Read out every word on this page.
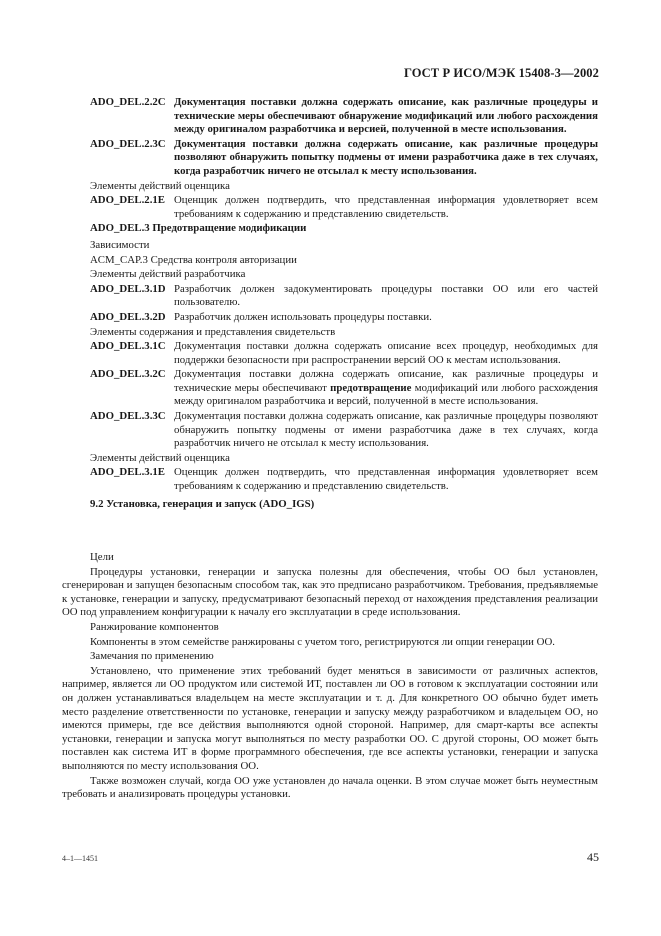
ГОСТ Р ИСО/МЭК 15408-3—2002
ADO_DEL.2.2C Документация поставки должна содержать описание, как различные процедуры и технические меры обеспечивают обнаружение модификаций или любого расхождения между оригиналом разработчика и версией, полученной в месте использования.
ADO_DEL.2.3C Документация поставки должна содержать описание, как различные процедуры позволяют обнаружить попытку подмены от имени разработчика даже в тех случаях, когда разработчик ничего не отсылал к месту использования.
Элементы действий оценщика
ADO_DEL.2.1E Оценщик должен подтвердить, что представленная информация удовлетворяет всем требованиям к содержанию и представлению свидетельств.
ADO_DEL.3 Предотвращение модификации
Зависимости
ACM_CAP.3 Средства контроля авторизации
Элементы действий разработчика
ADO_DEL.3.1D Разработчик должен задокументировать процедуры поставки ОО или его частей пользователю.
ADO_DEL.3.2D Разработчик должен использовать процедуры поставки.
Элементы содержания и представления свидетельств
ADO_DEL.3.1C Документация поставки должна содержать описание всех процедур, необходимых для поддержки безопасности при распространении версий ОО к местам использования.
ADO_DEL.3.2C Документация поставки должна содержать описание, как различные процедуры и технические меры обеспечивают предотвращение модификаций или любого расхождения между оригиналом разработчика и версий, полученной в месте использования.
ADO_DEL.3.3C Документация поставки должна содержать описание, как различные процедуры позволяют обнаружить попытку подмены от имени разработчика даже в тех случаях, когда разработчик ничего не отсылал к месту использования.
Элементы действий оценщика
ADO_DEL.3.1E Оценщик должен подтвердить, что представленная информация удовлетворяет всем требованиям к содержанию и представлению свидетельств.
9.2 Установка, генерация и запуск (ADO_IGS)
Цели
Процедуры установки, генерации и запуска полезны для обеспечения, чтобы ОО был установлен, сгенерирован и запущен безопасным способом так, как это предписано разработчиком. Требования, предъявляемые к установке, генерации и запуску, предусматривают безопасный переход от нахождения представления реализации ОО под управлением конфигурации к началу его эксплуатации в среде использования.
Ранжирование компонентов
Компоненты в этом семействе ранжированы с учетом того, регистрируются ли опции генерации ОО.
Замечания по применению
Установлено, что применение этих требований будет меняться в зависимости от различных аспектов, например, является ли ОО продуктом или системой ИТ, поставлен ли ОО в готовом к эксплуатации состоянии или он должен устанавливаться владельцем на месте эксплуатации и т. д. Для конкретного ОО обычно будет иметь место разделение ответственности по установке, генерации и запуску между разработчиком и владельцем ОО, но имеются примеры, где все действия выполняются одной стороной. Например, для смарт-карты все аспекты установки, генерации и запуска могут выполняться по месту разработки ОО. С другой стороны, ОО может быть поставлен как система ИТ в форме программного обеспечения, где все аспекты установки, генерации и запуска выполняются по месту использования ОО.
Также возможен случай, когда ОО уже установлен до начала оценки. В этом случае может быть неуместным требовать и анализировать процедуры установки.
4–1—1451	45
